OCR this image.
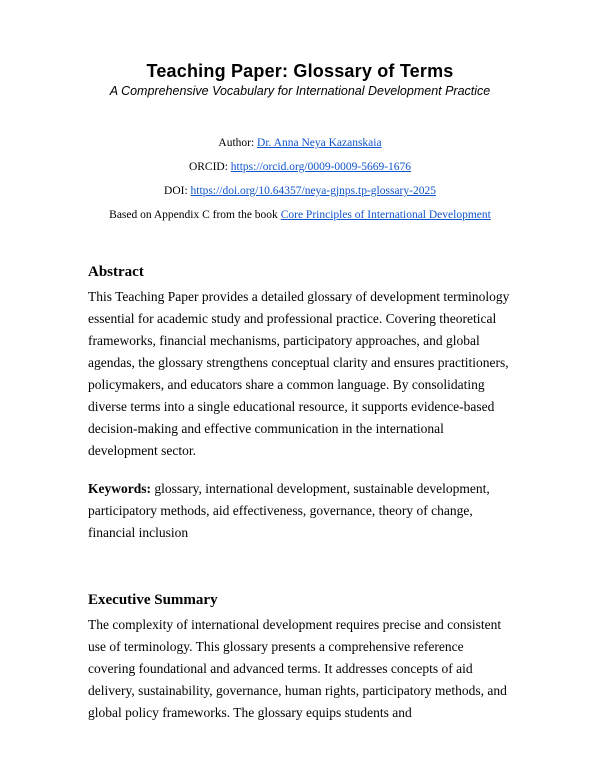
Teaching Paper: Glossary of Terms
A Comprehensive Vocabulary for International Development Practice

Author: Dr. Anna Neya Kazanskaia

ORCID: https://orcid.org/0009-0009-5669-1676

DOI: https://doi.org/10.64357/neya-gjnps.tp-glossary-2025

Based on Appendix C from the book Core Principles of International Development

Abstract

This Teaching Paper provides a detailed glossary of development terminology essential for academic study and professional practice. Covering theoretical frameworks, financial mechanisms, participatory approaches, and global agendas, the glossary strengthens conceptual clarity and ensures practitioners, policymakers, and educators share a common language. By consolidating diverse terms into a single educational resource, it supports evidence-based decision-making and effective communication in the international development sector.

Keywords: glossary, international development, sustainable development, participatory methods, aid effectiveness, governance, theory of change, financial inclusion

Executive Summary

The complexity of international development requires precise and consistent use of terminology. This glossary presents a comprehensive reference covering foundational and advanced terms. It addresses concepts of aid delivery, sustainability, governance, human rights, participatory methods, and global policy frameworks. The glossary equips students and
